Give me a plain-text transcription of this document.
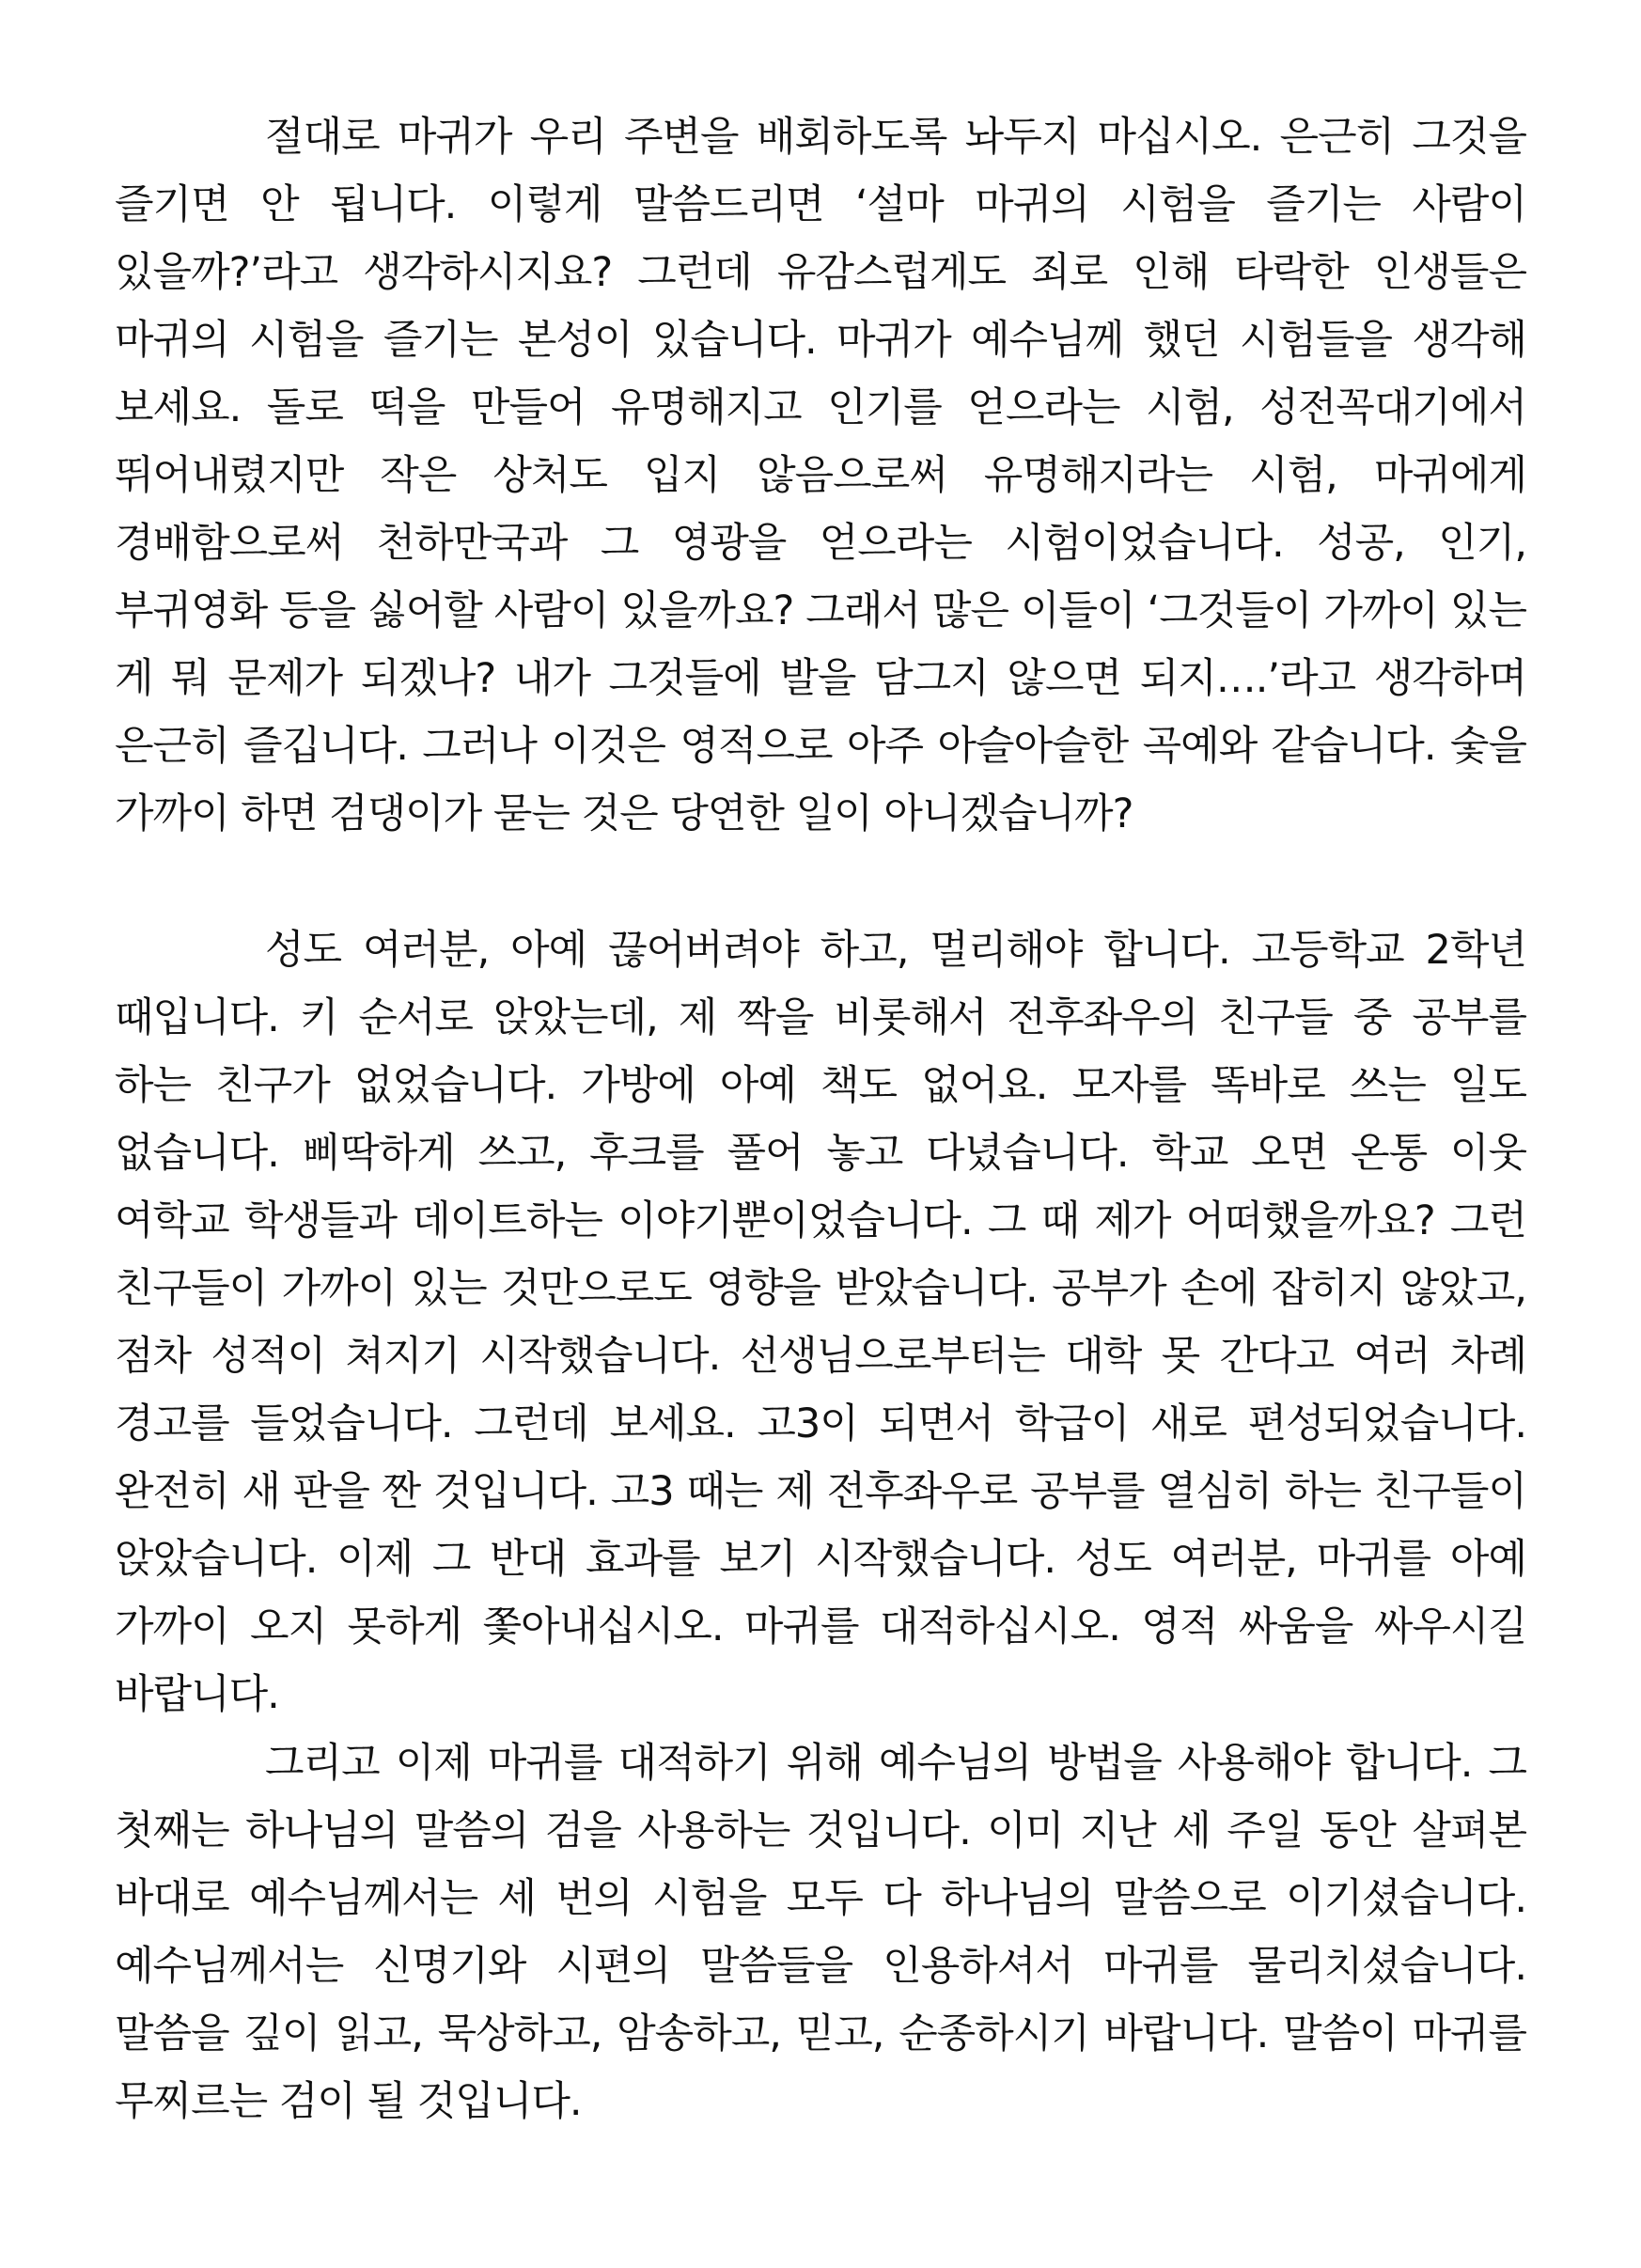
절대로 마귀가 우리 주변을 배회하도록 놔두지 마십시오. 은근히 그것을 즐기면 안 됩니다. 이렇게 말씀드리면 ‘설마 마귀의 시험을 즐기는 사람이 있을까?’라고 생각하시지요? 그런데 유감스럽게도 죄로 인해 타락한 인생들은 마귀의 시험을 즐기는 본성이 있습니다. 마귀가 예수님께 했던 시험들을 생각해 보세요. 돌로 떡을 만들어 유명해지고 인기를 얻으라는 시험, 성전꼭대기에서 뛰어내렸지만 작은 상처도 입지 않음으로써 유명해지라는 시험, 마귀에게 경배함으로써 천하만국과 그 영광을 얻으라는 시험이었습니다. 성공, 인기, 부귀영화 등을 싫어할 사람이 있을까요? 그래서 많은 이들이 ‘그것들이 가까이 있는 게 뭐 문제가 되겠나? 내가 그것들에 발을 담그지 않으면 되지….’라고 생각하며 은근히 즐깁니다. 그러나 이것은 영적으로 아주 아슬아슬한 곡예와 같습니다. 숯을 가까이 하면 검댕이가 묻는 것은 당연한 일이 아니겠습니까?

성도 여러분, 아예 끊어버려야 하고, 멀리해야 합니다. 고등학교 2학년 때입니다. 키 순서로 앉았는데, 제 짝을 비롯해서 전후좌우의 친구들 중 공부를 하는 친구가 없었습니다. 가방에 아예 책도 없어요. 모자를 똑바로 쓰는 일도 없습니다. 삐딱하게 쓰고, 후크를 풀어 놓고 다녔습니다. 학교 오면 온통 이웃 여학교 학생들과 데이트하는 이야기뿐이었습니다. 그 때 제가 어떠했을까요? 그런 친구들이 가까이 있는 것만으로도 영향을 받았습니다. 공부가 손에 잡히지 않았고, 점차 성적이 쳐지기 시작했습니다. 선생님으로부터는 대학 못 간다고 여러 차례 경고를 들었습니다. 그런데 보세요. 고3이 되면서 학급이 새로 편성되었습니다. 완전히 새 판을 짠 것입니다. 고3 때는 제 전후좌우로 공부를 열심히 하는 친구들이 앉았습니다. 이제 그 반대 효과를 보기 시작했습니다. 성도 여러분, 마귀를 아예 가까이 오지 못하게 쫓아내십시오. 마귀를 대적하십시오. 영적 싸움을 싸우시길 바랍니다.

그리고 이제 마귀를 대적하기 위해 예수님의 방법을 사용해야 합니다. 그 첫째는 하나님의 말씀의 검을 사용하는 것입니다. 이미 지난 세 주일 동안 살펴본 바대로 예수님께서는 세 번의 시험을 모두 다 하나님의 말씀으로 이기셨습니다. 예수님께서는 신명기와 시편의 말씀들을 인용하셔서 마귀를 물리치셨습니다. 말씀을 깊이 읽고, 묵상하고, 암송하고, 믿고, 순종하시기 바랍니다. 말씀이 마귀를 무찌르는 검이 될 것입니다.
